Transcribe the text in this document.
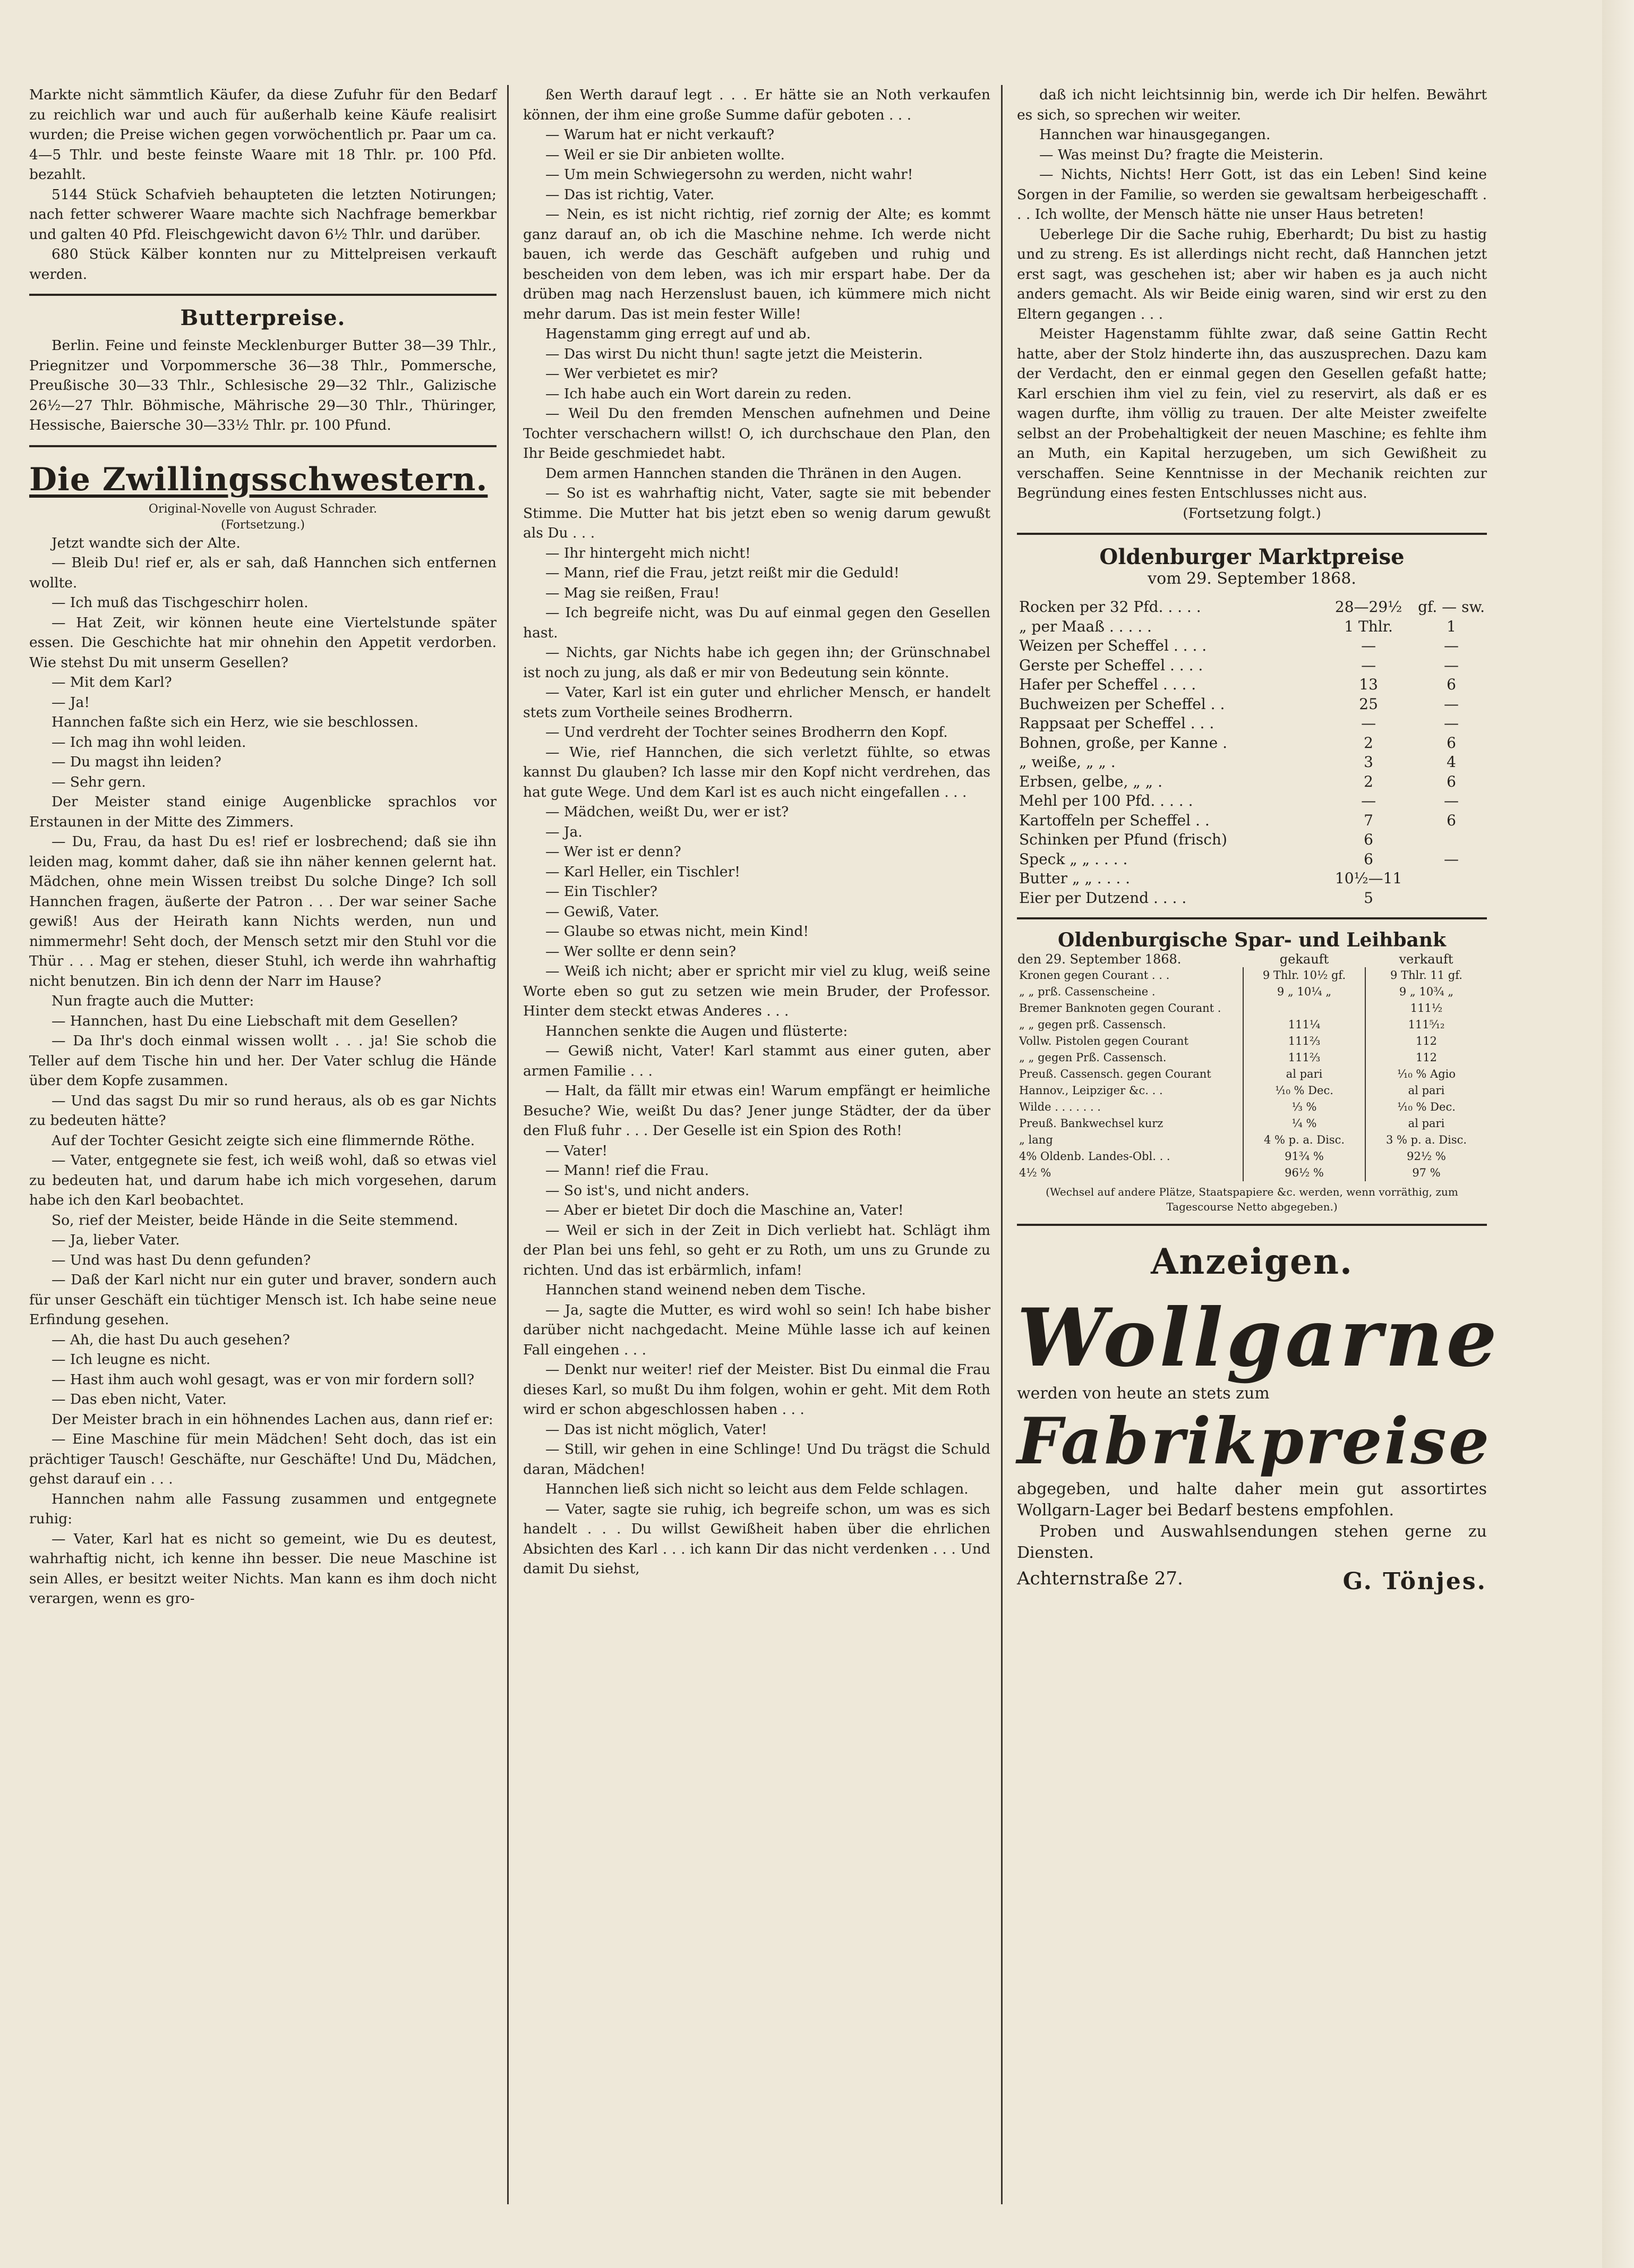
Markte nicht sämmtlich Käufer, da diese Zufuhr für den Bedarf zu reichlich war und auch für außerhalb keine Käufe realisirt wurden; die Preise wichen gegen vorwöchentlich pr. Paar um ca. 4—5 Thlr. und beste feinste Waare mit 18 Thlr. pr. 100 Pfd. bezahlt.

5144 Stück Schafvieh behaupteten die letzten Notirungen; nach fetter schwerer Waare machte sich Nachfrage bemerkbar und galten 40 Pfd. Fleischgewicht davon 6½ Thlr. und darüber.

680 Stück Kälber konnten nur zu Mittelpreisen verkauft werden.

Butterpreise.

Berlin. Feine und feinste Mecklenburger Butter 38—39 Thlr., Priegnitzer und Vorpommersche 36—38 Thlr., Pommersche, Preußische 30—33 Thlr., Schlesische 29—32 Thlr., Galizische 26½—27 Thlr. Böhmische, Mährische 29—30 Thlr., Thüringer, Hessische, Baiersche 30—33½ Thlr. pr. 100 Pfund.

Die Zwillingsschwestern.

Original-Novelle von August Schrader.

(Fortsetzung.)

Jetzt wandte sich der Alte.

— Bleib Du! rief er, als er sah, daß Hannchen sich entfernen wollte.

— Ich muß das Tischgeschirr holen.

— Hat Zeit, wir können heute eine Viertelstunde später essen. Die Geschichte hat mir ohnehin den Appetit verdorben. Wie stehst Du mit unserm Gesellen?

— Mit dem Karl?

— Ja!

Hannchen faßte sich ein Herz, wie sie beschlossen.

— Ich mag ihn wohl leiden.

— Du magst ihn leiden?

— Sehr gern.

Der Meister stand einige Augenblicke sprachlos vor Erstaunen in der Mitte des Zimmers.

— Du, Frau, da hast Du es! rief er losbrechend; daß sie ihn leiden mag, kommt daher, daß sie ihn näher kennen gelernt hat. Mädchen, ohne mein Wissen treibst Du solche Dinge? Ich soll Hannchen fragen, äußerte der Patron . . . Der war seiner Sache gewiß! Aus der Heirath kann Nichts werden, nun und nimmermehr! Seht doch, der Mensch setzt mir den Stuhl vor die Thür . . . Mag er stehen, dieser Stuhl, ich werde ihn wahrhaftig nicht benutzen. Bin ich denn der Narr im Hause?

Nun fragte auch die Mutter:

— Hannchen, hast Du eine Liebschaft mit dem Gesellen?

— Da Ihr's doch einmal wissen wollt . . . ja! Sie schob die Teller auf dem Tische hin und her. Der Vater schlug die Hände über dem Kopfe zusammen.

— Und das sagst Du mir so rund heraus, als ob es gar Nichts zu bedeuten hätte?

Auf der Tochter Gesicht zeigte sich eine flimmernde Röthe.

— Vater, entgegnete sie fest, ich weiß wohl, daß so etwas viel zu bedeuten hat, und darum habe ich mich vorgesehen, darum habe ich den Karl beobachtet.

So, rief der Meister, beide Hände in die Seite stemmend.

— Ja, lieber Vater.

— Und was hast Du denn gefunden?

— Daß der Karl nicht nur ein guter und braver, sondern auch für unser Geschäft ein tüchtiger Mensch ist. Ich habe seine neue Erfindung gesehen.

— Ah, die hast Du auch gesehen?

— Ich leugne es nicht.

— Hast ihm auch wohl gesagt, was er von mir fordern soll?

— Das eben nicht, Vater.

Der Meister brach in ein höhnendes Lachen aus, dann rief er:

— Eine Maschine für mein Mädchen! Seht doch, das ist ein prächtiger Tausch! Geschäfte, nur Geschäfte! Und Du, Mädchen, gehst darauf ein . . .

Hannchen nahm alle Fassung zusammen und entgegnete ruhig:

— Vater, Karl hat es nicht so gemeint, wie Du es deutest, wahrhaftig nicht, ich kenne ihn besser. Die neue Maschine ist sein Alles, er besitzt weiter Nichts. Man kann es ihm doch nicht verargen, wenn es gro-

ßen Werth darauf legt . . . Er hätte sie an Noth verkaufen können, der ihm eine große Summe dafür geboten . . .

— Warum hat er nicht verkauft?

— Weil er sie Dir anbieten wollte.

— Um mein Schwiegersohn zu werden, nicht wahr!

— Das ist richtig, Vater.

— Nein, es ist nicht richtig, rief zornig der Alte; es kommt ganz darauf an, ob ich die Maschine nehme. Ich werde nicht bauen, ich werde das Geschäft aufgeben und ruhig und bescheiden von dem leben, was ich mir erspart habe. Der da drüben mag nach Herzenslust bauen, ich kümmere mich nicht mehr darum. Das ist mein fester Wille!

Hagenstamm ging erregt auf und ab.

— Das wirst Du nicht thun! sagte jetzt die Meisterin.

— Wer verbietet es mir?

— Ich habe auch ein Wort darein zu reden.

— Weil Du den fremden Menschen aufnehmen und Deine Tochter verschachern willst! O, ich durchschaue den Plan, den Ihr Beide geschmiedet habt.

Dem armen Hannchen standen die Thränen in den Augen.

— So ist es wahrhaftig nicht, Vater, sagte sie mit bebender Stimme. Die Mutter hat bis jetzt eben so wenig darum gewußt als Du . . .

— Ihr hintergeht mich nicht!

— Mann, rief die Frau, jetzt reißt mir die Geduld!

— Mag sie reißen, Frau!

— Ich begreife nicht, was Du auf einmal gegen den Gesellen hast.

— Nichts, gar Nichts habe ich gegen ihn; der Grünschnabel ist noch zu jung, als daß er mir von Bedeutung sein könnte.

— Vater, Karl ist ein guter und ehrlicher Mensch, er handelt stets zum Vortheile seines Brodherrn.

— Und verdreht der Tochter seines Brodherrn den Kopf.

— Wie, rief Hannchen, die sich verletzt fühlte, so etwas kannst Du glauben? Ich lasse mir den Kopf nicht verdrehen, das hat gute Wege. Und dem Karl ist es auch nicht eingefallen . . .

— Mädchen, weißt Du, wer er ist?

— Ja.

— Wer ist er denn?

— Karl Heller, ein Tischler!

— Ein Tischler?

— Gewiß, Vater.

— Glaube so etwas nicht, mein Kind!

— Wer sollte er denn sein?

— Weiß ich nicht; aber er spricht mir viel zu klug, weiß seine Worte eben so gut zu setzen wie mein Bruder, der Professor. Hinter dem steckt etwas Anderes . . .

Hannchen senkte die Augen und flüsterte:

— Gewiß nicht, Vater! Karl stammt aus einer guten, aber armen Familie . . .

— Halt, da fällt mir etwas ein! Warum empfängt er heimliche Besuche? Wie, weißt Du das? Jener junge Städter, der da über den Fluß fuhr . . . Der Geselle ist ein Spion des Roth!

— Vater!

— Mann! rief die Frau.

— So ist's, und nicht anders.

— Aber er bietet Dir doch die Maschine an, Vater!

— Weil er sich in der Zeit in Dich verliebt hat. Schlägt ihm der Plan bei uns fehl, so geht er zu Roth, um uns zu Grunde zu richten. Und das ist erbärmlich, infam!

Hannchen stand weinend neben dem Tische.

— Ja, sagte die Mutter, es wird wohl so sein! Ich habe bisher darüber nicht nachgedacht. Meine Mühle lasse ich auf keinen Fall eingehen . . .

— Denkt nur weiter! rief der Meister. Bist Du einmal die Frau dieses Karl, so mußt Du ihm folgen, wohin er geht. Mit dem Roth wird er schon abgeschlossen haben . . .

— Das ist nicht möglich, Vater!

— Still, wir gehen in eine Schlinge! Und Du trägst die Schuld daran, Mädchen!

Hannchen ließ sich nicht so leicht aus dem Felde schlagen.

— Vater, sagte sie ruhig, ich begreife schon, um was es sich handelt . . . Du willst Gewißheit haben über die ehrlichen Absichten des Karl . . . ich kann Dir das nicht verdenken . . . Und damit Du siehst,

daß ich nicht leichtsinnig bin, werde ich Dir helfen. Bewährt es sich, so sprechen wir weiter.

Hannchen war hinausgegangen.

— Was meinst Du? fragte die Meisterin.

— Nichts, Nichts! Herr Gott, ist das ein Leben! Sind keine Sorgen in der Familie, so werden sie gewaltsam herbeigeschafft . . . Ich wollte, der Mensch hätte nie unser Haus betreten!

Ueberlege Dir die Sache ruhig, Eberhardt; Du bist zu hastig und zu streng. Es ist allerdings nicht recht, daß Hannchen jetzt erst sagt, was geschehen ist; aber wir haben es ja auch nicht anders gemacht. Als wir Beide einig waren, sind wir erst zu den Eltern gegangen . . .

Meister Hagenstamm fühlte zwar, daß seine Gattin Recht hatte, aber der Stolz hinderte ihn, das auszusprechen. Dazu kam der Verdacht, den er einmal gegen den Gesellen gefaßt hatte; Karl erschien ihm viel zu fein, viel zu reservirt, als daß er es wagen durfte, ihm völlig zu trauen. Der alte Meister zweifelte selbst an der Probehaltigkeit der neuen Maschine; es fehlte ihm an Muth, ein Kapital herzugeben, um sich Gewißheit zu verschaffen. Seine Kenntnisse in der Mechanik reichten zur Begründung eines festen Entschlusses nicht aus.

(Fortsetzung folgt.)

Oldenburger Marktpreise
vom 29. September 1868.
Rocken per 32 Pfd. . . . .	28—29½	gf. — sw.
„ per Maaß . . . . .	1 Thlr.	1
Weizen per Scheffel . . . .	—	—
Gerste per Scheffel . . . .	—	—
Hafer per Scheffel . . . .	13	6
Buchweizen per Scheffel . .	25	—
Rappsaat per Scheffel . . .	—	—
Bohnen, große, per Kanne .	2	6
„ weiße, „ „ .	3	4
Erbsen, gelbe, „ „ .	2	6
Mehl per 100 Pfd. . . . .	—	—
Kartoffeln per Scheffel . .	7	6
Schinken per Pfund (frisch)	6	
Speck „ „ . . . .	6	—
Butter „ „ . . . .	10½—11	
Eier per Dutzend . . . .	5	
Oldenburgische Spar- und Leihbank
den 29. September 1868.	gekauft	verkauft
Kronen gegen Courant . . .	9 Thlr. 10½ gf.	9 Thlr. 11 gf.
„ „ prß. Cassenscheine .	9 „ 10¼ „	9 „ 10¾ „
Bremer Banknoten gegen Courant .		111½
„ „ gegen prß. Cassensch.	111¼	111⁵⁄₁₂
Vollw. Pistolen gegen Courant	111⅔	112
„ „ gegen Prß. Cassensch.	111⅔	112
Preuß. Cassensch. gegen Courant	al pari	¹⁄₁₀ % Agio
Hannov., Leipziger &c. . .	¹⁄₁₀ % Dec.	al pari
Wilde . . . . . . .	⅓ %	¹⁄₁₀ % Dec.
Preuß. Bankwechsel kurz	¼ %	al pari
„ lang	4 % p. a. Disc.	3 % p. a. Disc.
4% Oldenb. Landes-Obl. . .	91¾ %	92½ %
4½ %	96½ %	97 %

(Wechsel auf andere Plätze, Staatspapiere &c. werden, wenn vorräthig, zum Tagescourse Netto abgegeben.)

Anzeigen.
Wollgarne

werden von heute an stets zum

Fabrikpreise

abgegeben, und halte daher mein gut assortirtes Wollgarn-Lager bei Bedarf bestens empfohlen.

Proben und Auswahlsendungen stehen gerne zu Diensten.

Achternstraße 27.	G. Tönjes.
